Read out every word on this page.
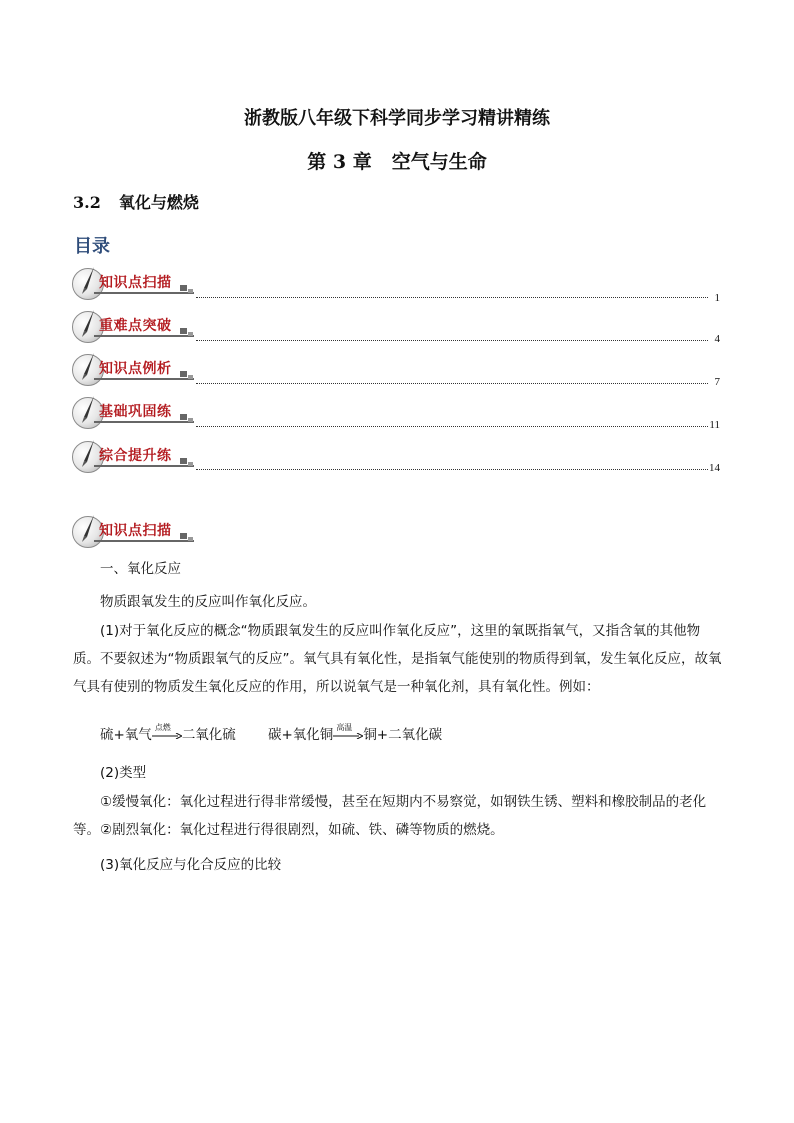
浙教版八年级下科学同步学习精讲精练
第 3 章 空气与生命
3.2 氧化与燃烧
目录
知识点扫描
1
重难点突破
4
知识点例析
7
基础巩固练
11
综合提升练
14
知识点扫描
一、氧化反应
物质跟氧发生的反应叫作氧化反应。
(1)对于氧化反应的概念“物质跟氧发生的反应叫作氧化反应”，这里的氧既指氧气，又指含氧的其他物质。不要叙述为“物质跟氧气的反应”。氧气具有氧化性，是指氧气能使别的物质得到氧，发生氧化反应，故氧气具有使别的物质发生氧化反应的作用，所以说氧气是一种氧化剂，具有氧化性。例如：
硫+氧气 点燃 二氧化硫 碳+氧化铜 高温 铜+二氧化碳
(2)类型
①缓慢氧化：氧化过程进行得非常缓慢，甚至在短期内不易察觉，如钢铁生锈、塑料和橡胶制品的老化等。②剧烈氧化：氧化过程进行得很剧烈，如硫、铁、磷等物质的燃烧。
(3)氧化反应与化合反应的比较
